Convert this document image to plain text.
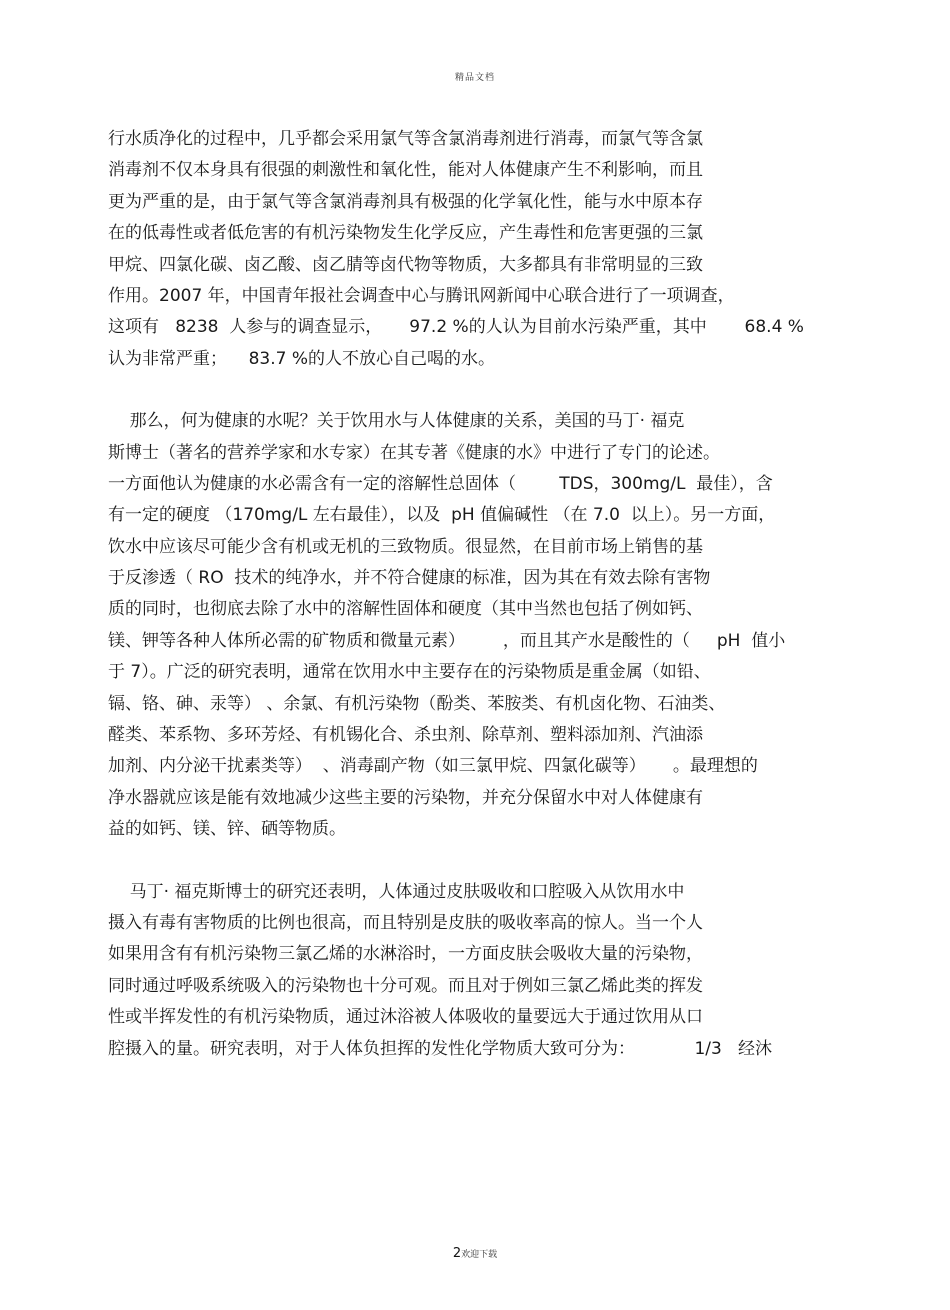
精品文档
行水质净化的过程中，几乎都会采用氯气等含氯消毒剂进行消毒，而氯气等含氯
消毒剂不仅本身具有很强的刺激性和氧化性，能对人体健康产生不利影响，而且
更为严重的是，由于氯气等含氯消毒剂具有极强的化学氧化性，能与水中原本存
在的低毒性或者低危害的有机污染物发生化学反应，产生毒性和危害更强的三氯
甲烷、四氯化碳、卤乙酸、卤乙腈等卤代物等物质，大多都具有非常明显的三致
作用。2007 年，中国青年报社会调查中心与腾讯网新闻中心联合进行了一项调查，
这项有   8238  人参与的调查显示，     97.2 %的人认为目前水污染严重，其中       68.4 %
认为非常严重；    83.7 %的人不放心自己喝的水。
那么，何为健康的水呢？关于饮用水与人体健康的关系，美国的马丁· 福克
斯博士（著名的营养学家和水专家）在其专著《健康的水》中进行了专门的论述。
一方面他认为健康的水必需含有一定的溶解性总固体（        TDS，300mg/L  最佳），含
有一定的硬度 （170mg/L 左右最佳），以及  pH 值偏碱性 （在 7.0  以上）。另一方面，
饮水中应该尽可能少含有机或无机的三致物质。很显然，在目前市场上销售的基
于反渗透（ RO  技术的纯净水，并不符合健康的标准，因为其在有效去除有害物
质的同时，也彻底去除了水中的溶解性固体和硬度（其中当然也包括了例如钙、
镁、钾等各种人体所必需的矿物质和微量元素）       ，而且其产水是酸性的（     pH  值小
于 7）。广泛的研究表明，通常在饮用水中主要存在的污染物质是重金属（如铅、
镉、铬、砷、汞等） 、余氯、有机污染物（酚类、苯胺类、有机卤化物、石油类、
醛类、苯系物、多环芳烃、有机锡化合、杀虫剂、除草剂、塑料添加剂、汽油添
加剂、内分泌干扰素类等）  、消毒副产物（如三氯甲烷、四氯化碳等）     。最理想的
净水器就应该是能有效地减少这些主要的污染物，并充分保留水中对人体健康有
益的如钙、镁、锌、硒等物质。
马丁· 福克斯博士的研究还表明，人体通过皮肤吸收和口腔吸入从饮用水中
摄入有毒有害物质的比例也很高，而且特别是皮肤的吸收率高的惊人。当一个人
如果用含有有机污染物三氯乙烯的水淋浴时，一方面皮肤会吸收大量的污染物，
同时通过呼吸系统吸入的污染物也十分可观。而且对于例如三氯乙烯此类的挥发
性或半挥发性的有机污染物质，通过沐浴被人体吸收的量要远大于通过饮用从口
腔摄入的量。研究表明，对于人体负担挥的发性化学物质大致可分为：           1/3   经沐
2欢迎下载
